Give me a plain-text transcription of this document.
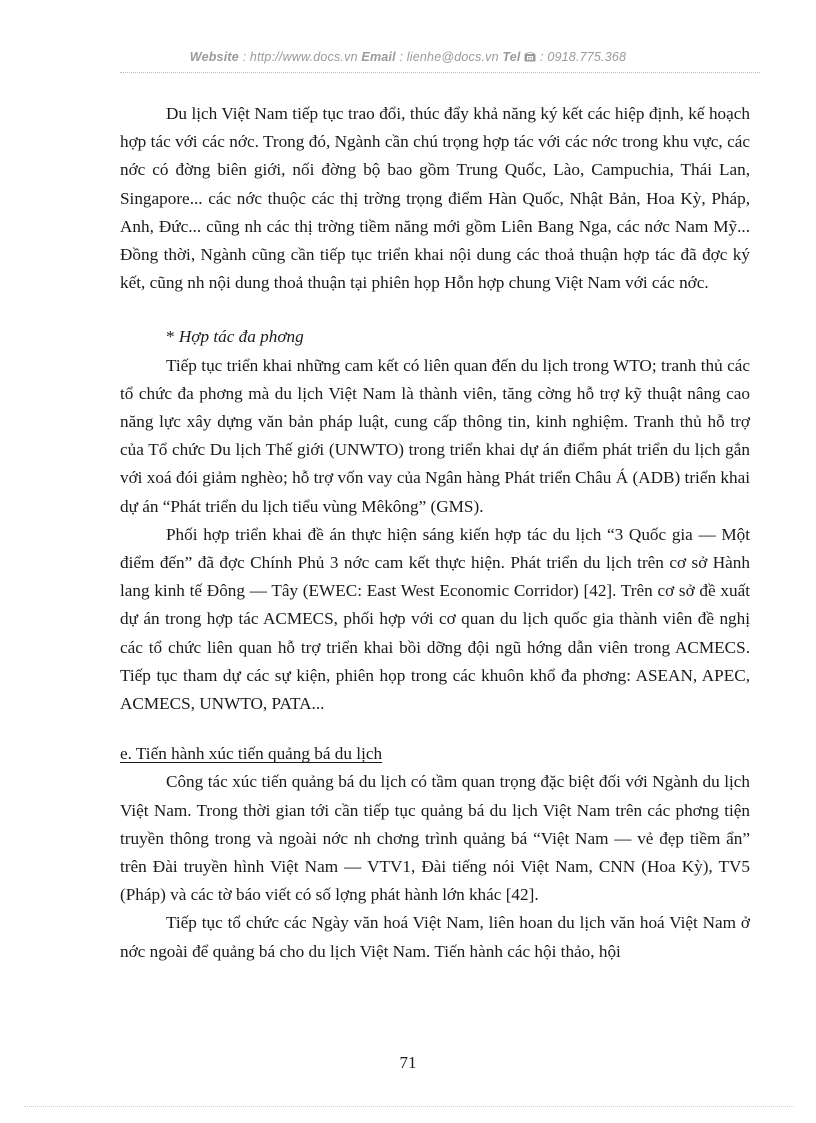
Website : http://www.docs.vn Email : lienhe@docs.vn Tel  : 0918.775.368

Du lịch Việt Nam tiếp tục trao đổi, thúc đẩy khả năng ký kết các hiệp định, kế hoạch hợp tác với các nớc. Trong đó, Ngành cần chú trọng hợp tác với các nớc trong khu vực, các nớc có đờng biên giới, nối đờng bộ bao gồm Trung Quốc, Lào, Campuchia, Thái Lan, Singapore... các nớc thuộc các thị trờng trọng điểm Hàn Quốc, Nhật Bản, Hoa Kỳ, Pháp, Anh, Đức... cũng nh các thị trờng tiềm năng mới gồm Liên Bang Nga, các nớc Nam Mỹ... Đồng thời, Ngành cũng cần tiếp tục triển khai nội dung các thoả thuận hợp tác đã đợc ký kết, cũng nh nội dung thoả thuận tại phiên họp Hỗn hợp chung Việt Nam với các nớc.

* Hợp tác đa phơng

Tiếp tục triển khai những cam kết có liên quan đến du lịch trong WTO; tranh thủ các tổ chức đa phơng mà du lịch Việt Nam là thành viên, tăng cờng hỗ trợ kỹ thuật nâng cao năng lực xây dựng văn bản pháp luật, cung cấp thông tin, kinh nghiệm. Tranh thủ hỗ trợ của Tổ chức Du lịch Thế giới (UNWTO) trong triển khai dự án điểm phát triển du lịch gắn với xoá đói giảm nghèo; hỗ trợ vốn vay của Ngân hàng Phát triển Châu Á (ADB) triển khai dự án “Phát triển du lịch tiểu vùng Mêkông” (GMS).

Phối hợp triển khai đề án thực hiện sáng kiến hợp tác du lịch “3 Quốc gia — Một điểm đến” đã đợc Chính Phủ 3 nớc cam kết thực hiện. Phát triển du lịch trên cơ sở Hành lang kinh tế Đông — Tây (EWEC: East West Economic Corridor) [42]. Trên cơ sở đề xuất dự án trong hợp tác ACMECS, phối hợp với cơ quan du lịch quốc gia thành viên đề nghị các tổ chức liên quan hỗ trợ triển khai bồi dỡng đội ngũ hớng dẫn viên trong ACMECS. Tiếp tục tham dự các sự kiện, phiên họp trong các khuôn khổ đa phơng: ASEAN, APEC, ACMECS, UNWTO, PATA...

e. Tiến hành xúc tiến quảng bá du lịch

Công tác xúc tiến quảng bá du lịch có tầm quan trọng đặc biệt đối với Ngành du lịch Việt Nam. Trong thời gian tới cần tiếp tục quảng bá du lịch Việt Nam trên các phơng tiện truyền thông trong và ngoài nớc nh chơng trình quảng bá “Việt Nam — vẻ đẹp tiềm ẩn” trên Đài truyền hình Việt Nam — VTV1, Đài tiếng nói Việt Nam, CNN (Hoa Kỳ), TV5 (Pháp) và các tờ báo viết có số lợng phát hành lớn khác [42].

Tiếp tục tổ chức các Ngày văn hoá Việt Nam, liên hoan du lịch văn hoá Việt Nam ở nớc ngoài để quảng bá cho du lịch Việt Nam. Tiến hành các hội thảo, hội

71
